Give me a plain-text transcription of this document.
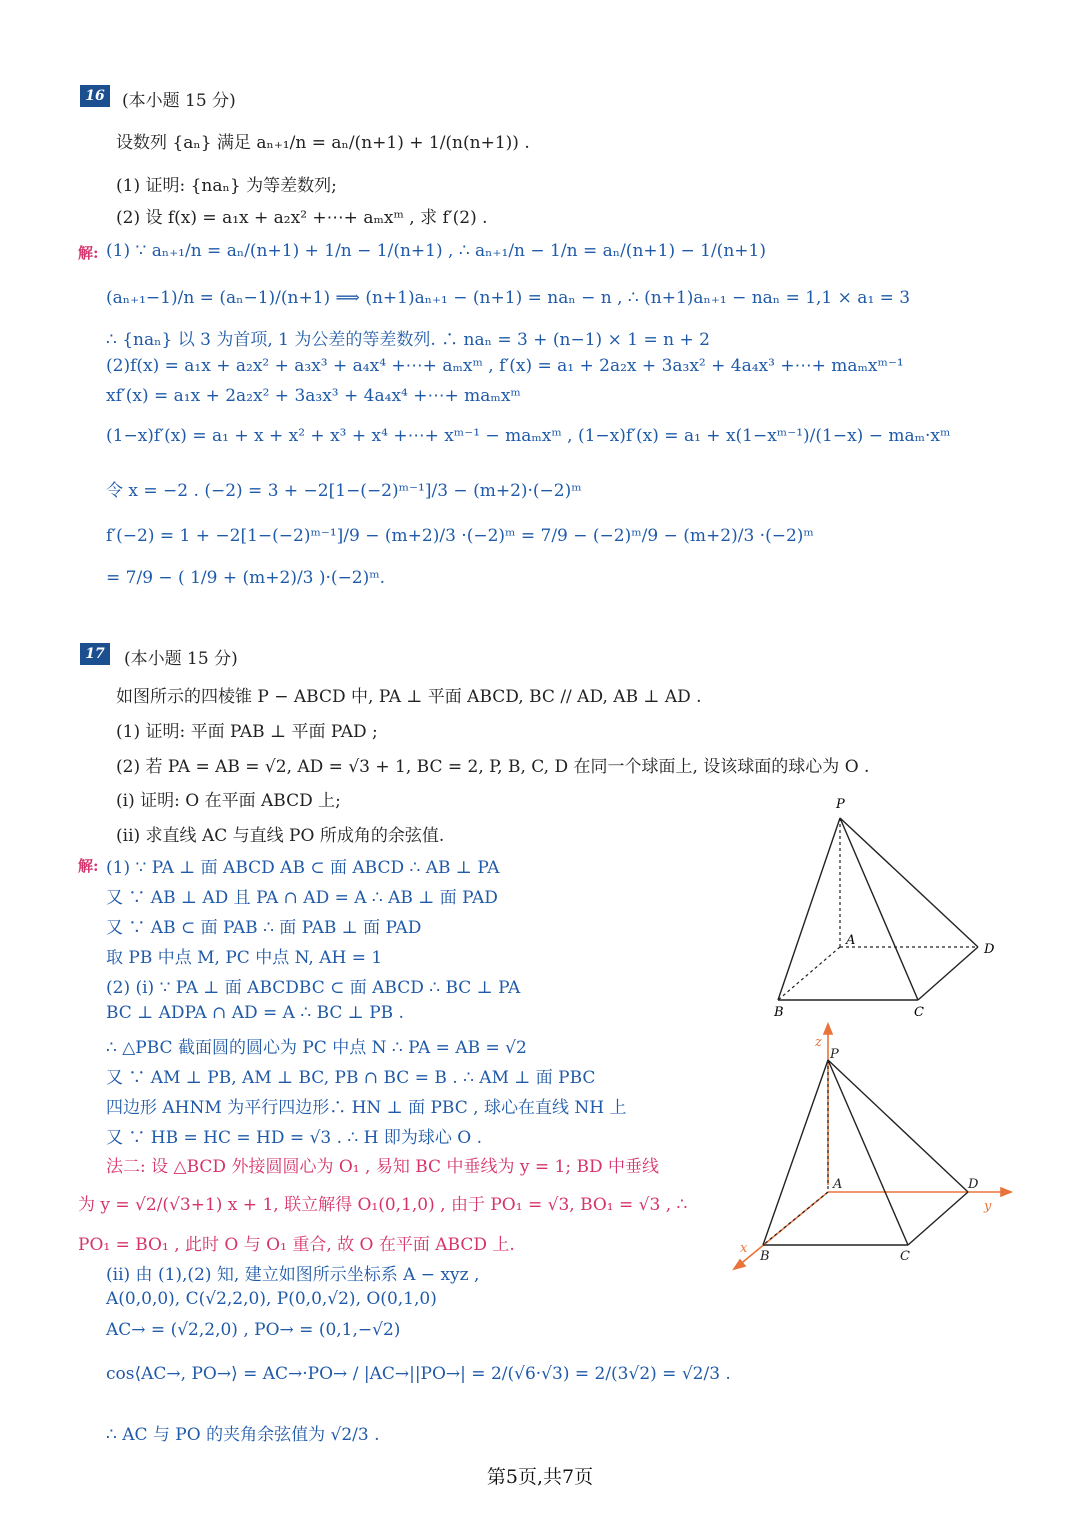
16	(本小题 15 分)
设数列 {aₙ} 满足 aₙ₊₁/n = aₙ/(n+1) + 1/(n(n+1)) .
(1) 证明: {naₙ} 为等差数列;
(2) 设 f(x) = a₁x + a₂x² +⋯+ aₘxᵐ , 求 f′(2) .
解: (1) ∵ aₙ₊₁/n = aₙ/(n+1) + 1/n − 1/(n+1) , ∴ aₙ₊₁/n − 1/n = aₙ/(n+1) − 1/(n+1)
(aₙ₊₁−1)/n = (aₙ−1)/(n+1) ⟹ (n+1)aₙ₊₁ − (n+1) = naₙ − n , ∴ (n+1)aₙ₊₁ − naₙ = 1,1 × a₁ = 3
∴ {naₙ} 以 3 为首项, 1 为公差的等差数列. ∴ naₙ = 3 + (n−1) × 1 = n + 2
(2)f(x) = a₁x + a₂x² + a₃x³ + a₄x⁴ +⋯+ aₘxᵐ , f′(x) = a₁ + 2a₂x + 3a₃x² + 4a₄x³ +⋯+ maₘxᵐ⁻¹
xf′(x) = a₁x + 2a₂x² + 3a₃x³ + 4a₄x⁴ +⋯+ maₘxᵐ
(1−x)f′(x) = a₁ + x + x² + x³ + x⁴ +⋯+ xᵐ⁻¹ − maₘxᵐ , (1−x)f′(x) = a₁ + x(1−xᵐ⁻¹)/(1−x) − maₘ·xᵐ
令 x = −2 . (−2) = 3 + −2[1−(−2)ᵐ⁻¹]/3 − (m+2)·(−2)ᵐ
f′(−2) = 1 + −2[1−(−2)ᵐ⁻¹]/9 − (m+2)/3 ·(−2)ᵐ = 7/9 − (−2)ᵐ/9 − (m+2)/3 ·(−2)ᵐ
= 7/9 − ( 1/9 + (m+2)/3 )·(−2)ᵐ.
17	(本小题 15 分)
如图所示的四棱锥 P − ABCD 中, PA ⊥ 平面 ABCD, BC // AD, AB ⊥ AD .
(1) 证明: 平面 PAB ⊥ 平面 PAD ;
(2) 若 PA = AB = √2, AD = √3 + 1, BC = 2, P, B, C, D 在同一个球面上, 设该球面的球心为 O .
(i) 证明: O 在平面 ABCD 上;
(ii) 求直线 AC 与直线 PO 所成角的余弦值.
解: (1) ∵ PA ⊥ 面 ABCD AB ⊂ 面 ABCD ∴ AB ⊥ PA
又 ∵ AB ⊥ AD 且 PA ∩ AD = A ∴ AB ⊥ 面 PAD
又 ∵ AB ⊂ 面 PAB ∴ 面 PAB ⊥ 面 PAD
取 PB 中点 M, PC 中点 N, AH = 1
(2) (i) ∵ PA ⊥ 面 ABCDBC ⊂ 面 ABCD ∴ BC ⊥ PA
BC ⊥ ADPA ∩ AD = A ∴ BC ⊥ PB .
∴ △PBC 截面圆的圆心为 PC 中点 N ∴ PA = AB = √2
又 ∵ AM ⊥ PB, AM ⊥ BC, PB ∩ BC = B . ∴ AM ⊥ 面 PBC
四边形 AHNM 为平行四边形∴ HN ⊥ 面 PBC , 球心在直线 NH 上
又 ∵ HB = HC = HD = √3 . ∴ H 即为球心 O .
法二: 设 △BCD 外接圆圆心为 O₁ , 易知 BC 中垂线为 y = 1; BD 中垂线
为 y = √2/(√3+1) x + 1, 联立解得 O₁(0,1,0) , 由于 PO₁ = √3, BO₁ = √3 , ∴
PO₁ = BO₁ , 此时 O 与 O₁ 重合, 故 O 在平面 ABCD 上.
(ii) 由 (1),(2) 知, 建立如图所示坐标系 A − xyz ,
A(0,0,0), C(√2,2,0), P(0,0,√2), O(0,1,0)
AC→ = (√2,2,0) , PO→ = (0,1,−√2)
cos⟨AC→, PO→⟩ = AC→·PO→ / |AC→||PO→| = 2/(√6·√3) = 2/(3√2) = √2/3 .
∴ AC 与 PO 的夹角余弦值为 √2/3 .
P
A
B	C
D
P
A
B	C
D
z
y
x
第5页,共7页
